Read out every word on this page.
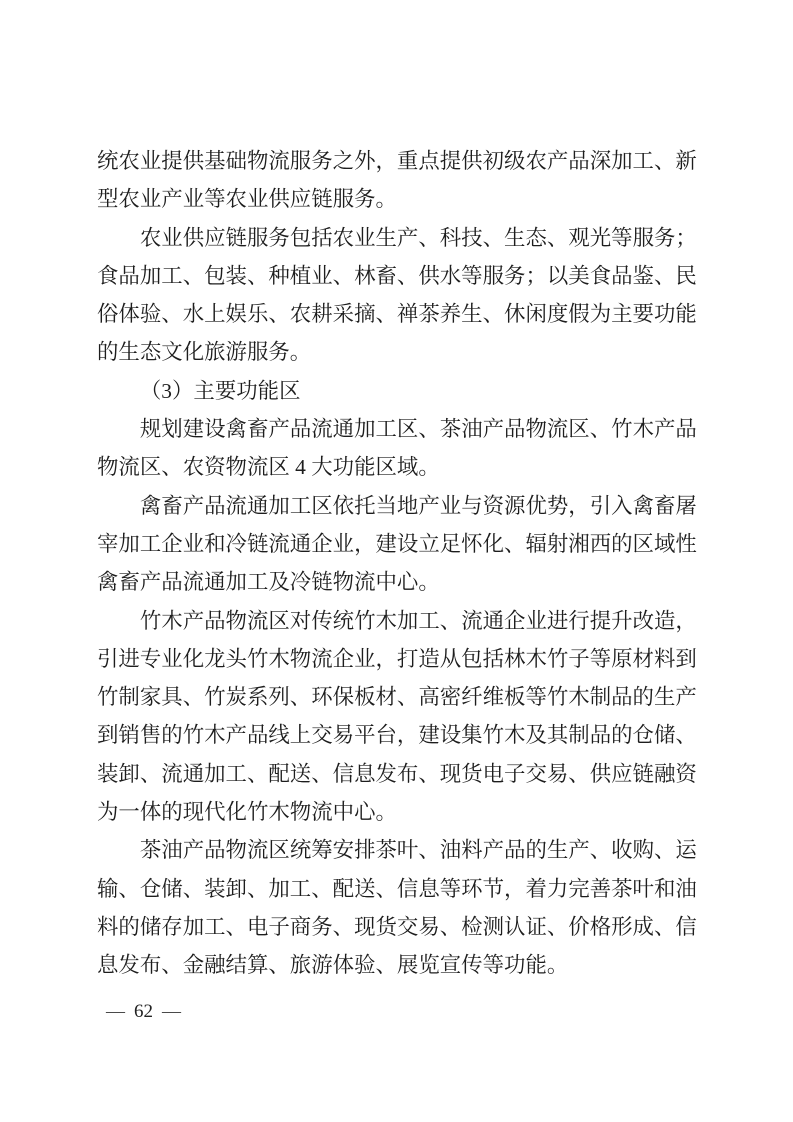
统农业提供基础物流服务之外，重点提供初级农产品深加工、新
型农业产业等农业供应链服务。
农业供应链服务包括农业生产、科技、生态、观光等服务；
食品加工、包装、种植业、林畜、供水等服务；以美食品鉴、民
俗体验、水上娱乐、农耕采摘、禅茶养生、休闲度假为主要功能
的生态文化旅游服务。
（3）主要功能区
规划建设禽畜产品流通加工区、茶油产品物流区、竹木产品
物流区、农资物流区 4 大功能区域。
禽畜产品流通加工区依托当地产业与资源优势，引入禽畜屠
宰加工企业和冷链流通企业，建设立足怀化、辐射湘西的区域性
禽畜产品流通加工及冷链物流中心。
竹木产品物流区对传统竹木加工、流通企业进行提升改造，
引进专业化龙头竹木物流企业，打造从包括林木竹子等原材料到
竹制家具、竹炭系列、环保板材、高密纤维板等竹木制品的生产
到销售的竹木产品线上交易平台，建设集竹木及其制品的仓储、
装卸、流通加工、配送、信息发布、现货电子交易、供应链融资
为一体的现代化竹木物流中心。
茶油产品物流区统筹安排茶叶、油料产品的生产、收购、运
输、仓储、装卸、加工、配送、信息等环节，着力完善茶叶和油
料的储存加工、电子商务、现货交易、检测认证、价格形成、信
息发布、金融结算、旅游体验、展览宣传等功能。
— 62 —
